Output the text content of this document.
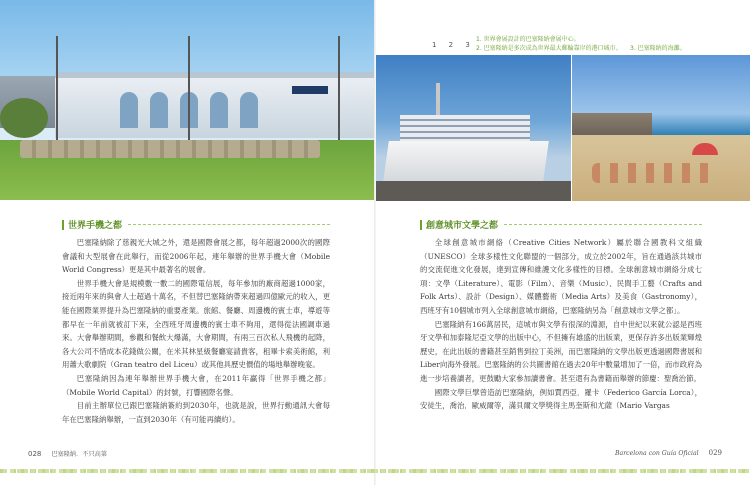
世界手機之都

巴塞隆納除了慈親光大城之外，還是國際會展之都，每年超過2000次的國際會議和大型展會在此舉行，而從2006年起，連年舉辦的世界手機大會（Mobile World Congress）更是其中最著名的展會。

世界手機大會是規模數一數二的國際電信展，每年參加的廠商超過1000家，接近兩年來的與會人士超過十萬名，不但替巴塞隆納帶來超過四億歐元的收入，更能在國際業界提升為巴塞隆納的重要產業。旅館、餐廳、周邊機的賓士車，導遊等都早在一年前就被訂下來，全西班牙周邊機的賓士車不夠用，還得從法國調車過來。大會舉辦期間，參觀和餐飲大爆滿，大會期間，有兩三百次私人飛機的起降，各大公司不惜成本花錢做公關，在米其林星級餐廳宴請貴客，租畢卡索美術館，利用蕭大歌劇院（Gran teatro del Liceu）或其他具歷史價值的場地舉辦晚宴。

巴塞隆納因為連年舉辦世界手機大會，在2011年贏得「世界手機之都」（Mobile World Capital）的封號，打響國際名聲。

目前主辦單位已跟巴塞隆納簽約到2030年，也就是說，世界行動通訊大會每年在巴塞隆納舉辦，一直到2030年（有可能再續約）。

028 巴塞隆納．不只高第
1 2 3
1. 世界會展設計的巴塞隆納會展中心。
2. 巴塞隆納是多次成為世界最大郵輪靠岸的港口城市。 3. 巴塞隆納的海灘。
創意城市文學之都

全球創意城市網絡（Creative Cities Network）屬於聯合國教科文組織（UNESCO）全球多樣性文化聯盟的一個部分，成立於2002年，旨在通過該共城市的交流促進文化發展，達到宣傳和維護文化多樣性的目標。全球創意城市網絡分成七項：文學（Literature）、電影（Film）、音樂（Music）、民間手工藝（Crafts and Folk Arts）、設計（Design）、媒體藝術（Media Arts）及美食（Gastronomy），西班牙有10個城市列入全球創意城市網絡，巴塞隆納另為「創意城市文學之都」。

巴塞隆納有166萬居民，這城市與文學有很深的淵源，自中世紀以來就公認是西班牙文學和加泰隆尼亞文學的出版中心，不但擁有雄盛的出版業，更保存許多出版業輝煌歷史，在此出版的書籍甚至銷售到拉丁美洲，而巴塞隆納的文學出版更透過國際書展和Liber向海外發展。巴塞隆納的公共圖書館在過去20年中數量增加了一倍，而市政府為進一步培養讀者，更鼓勵大家參加讀書會。甚至還有為書籍而舉辦的節慶：聖喬治節。

國際文學巨擘曾造訪巴塞隆納，例如賈西亞．羅卡（Federico García Lorca），安徒生，喬治．歐威爾等，滿貝爾文學獎得主馬奎斯和尤薩（Mario Vargas

Barcelona con Guía Oficial 029
